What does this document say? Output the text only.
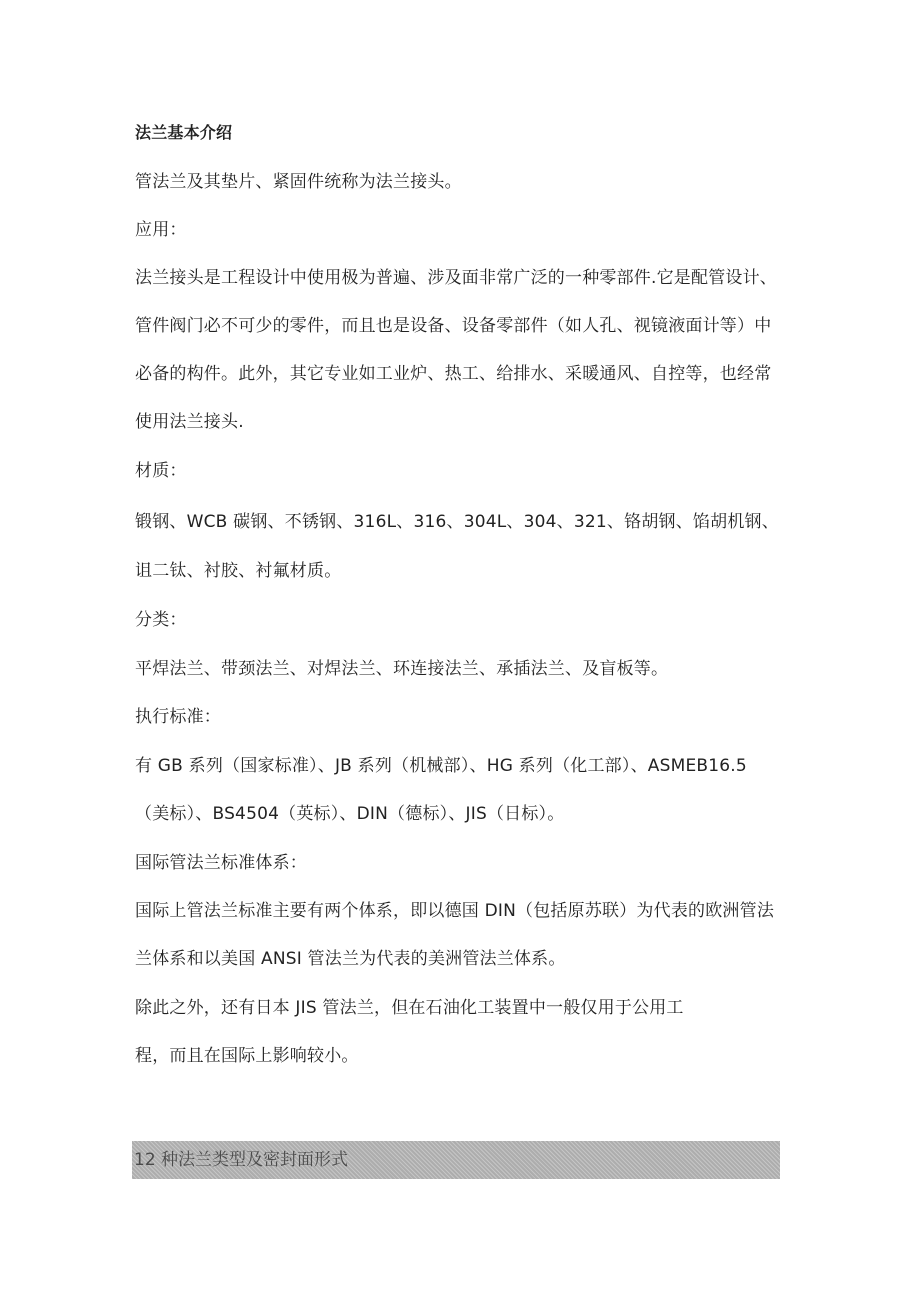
法兰基本介绍
管法兰及其垫片、紧固件统称为法兰接头。
应用：
法兰接头是工程设计中使用极为普遍、涉及面非常广泛的一种零部件.它是配管设计、
管件阀门必不可少的零件，而且也是设备、设备零部件（如人孔、视镜液面计等）中
必备的构件。此外，其它专业如工业炉、热工、给排水、采暖通风、自控等，也经常
使用法兰接头.
材质：
锻钢、WCB 碳钢、不锈钢、316L、316、304L、304、321、铬胡钢、馅胡机钢、
诅二钛、衬胶、衬氟材质。
分类：
平焊法兰、带颈法兰、对焊法兰、环连接法兰、承插法兰、及盲板等。
执行标准：
有 GB 系列（国家标准）、JB 系列（机械部）、HG 系列（化工部）、ASMEB16.5
（美标）、BS4504（英标）、DIN（德标）、JIS（日标）。
国际管法兰标准体系：
国际上管法兰标准主要有两个体系，即以德国 DIN（包括原苏联）为代表的欧洲管法
兰体系和以美国 ANSI 管法兰为代表的美洲管法兰体系。
除此之外，还有日本 JIS 管法兰，但在石油化工装置中一般仅用于公用工
程，而且在国际上影响较小。
12 种法兰类型及密封面形式
